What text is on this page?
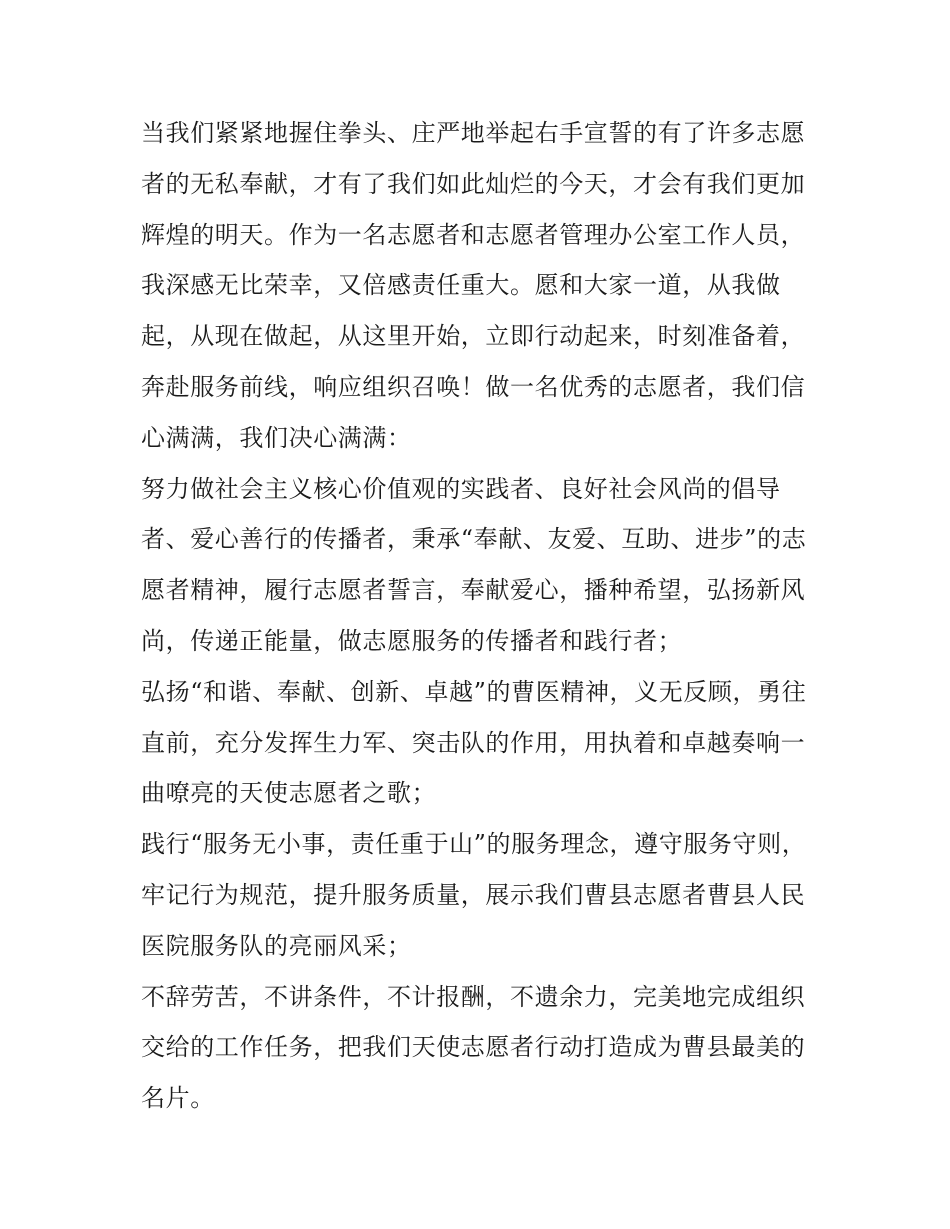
当我们紧紧地握住拳头、庄严地举起右手宣誓的有了许多志愿
者的无私奉献，才有了我们如此灿烂的今天，才会有我们更加
辉煌的明天。作为一名志愿者和志愿者管理办公室工作人员，
我深感无比荣幸，又倍感责任重大。愿和大家一道，从我做
起，从现在做起，从这里开始，立即行动起来，时刻准备着，
奔赴服务前线，响应组织召唤！做一名优秀的志愿者，我们信
心满满，我们决心满满：
努力做社会主义核心价值观的实践者、良好社会风尚的倡导
者、爱心善行的传播者，秉承“奉献、友爱、互助、进步”的志
愿者精神，履行志愿者誓言，奉献爱心，播种希望，弘扬新风
尚，传递正能量，做志愿服务的传播者和践行者；
弘扬“和谐、奉献、创新、卓越”的曹医精神，义无反顾，勇往
直前，充分发挥生力军、突击队的作用，用执着和卓越奏响一
曲嘹亮的天使志愿者之歌；
践行“服务无小事，责任重于山”的服务理念，遵守服务守则，
牢记行为规范，提升服务质量，展示我们曹县志愿者曹县人民
医院服务队的亮丽风采；
不辞劳苦，不讲条件，不计报酬，不遗余力，完美地完成组织
交给的工作任务，把我们天使志愿者行动打造成为曹县最美的
名片。
